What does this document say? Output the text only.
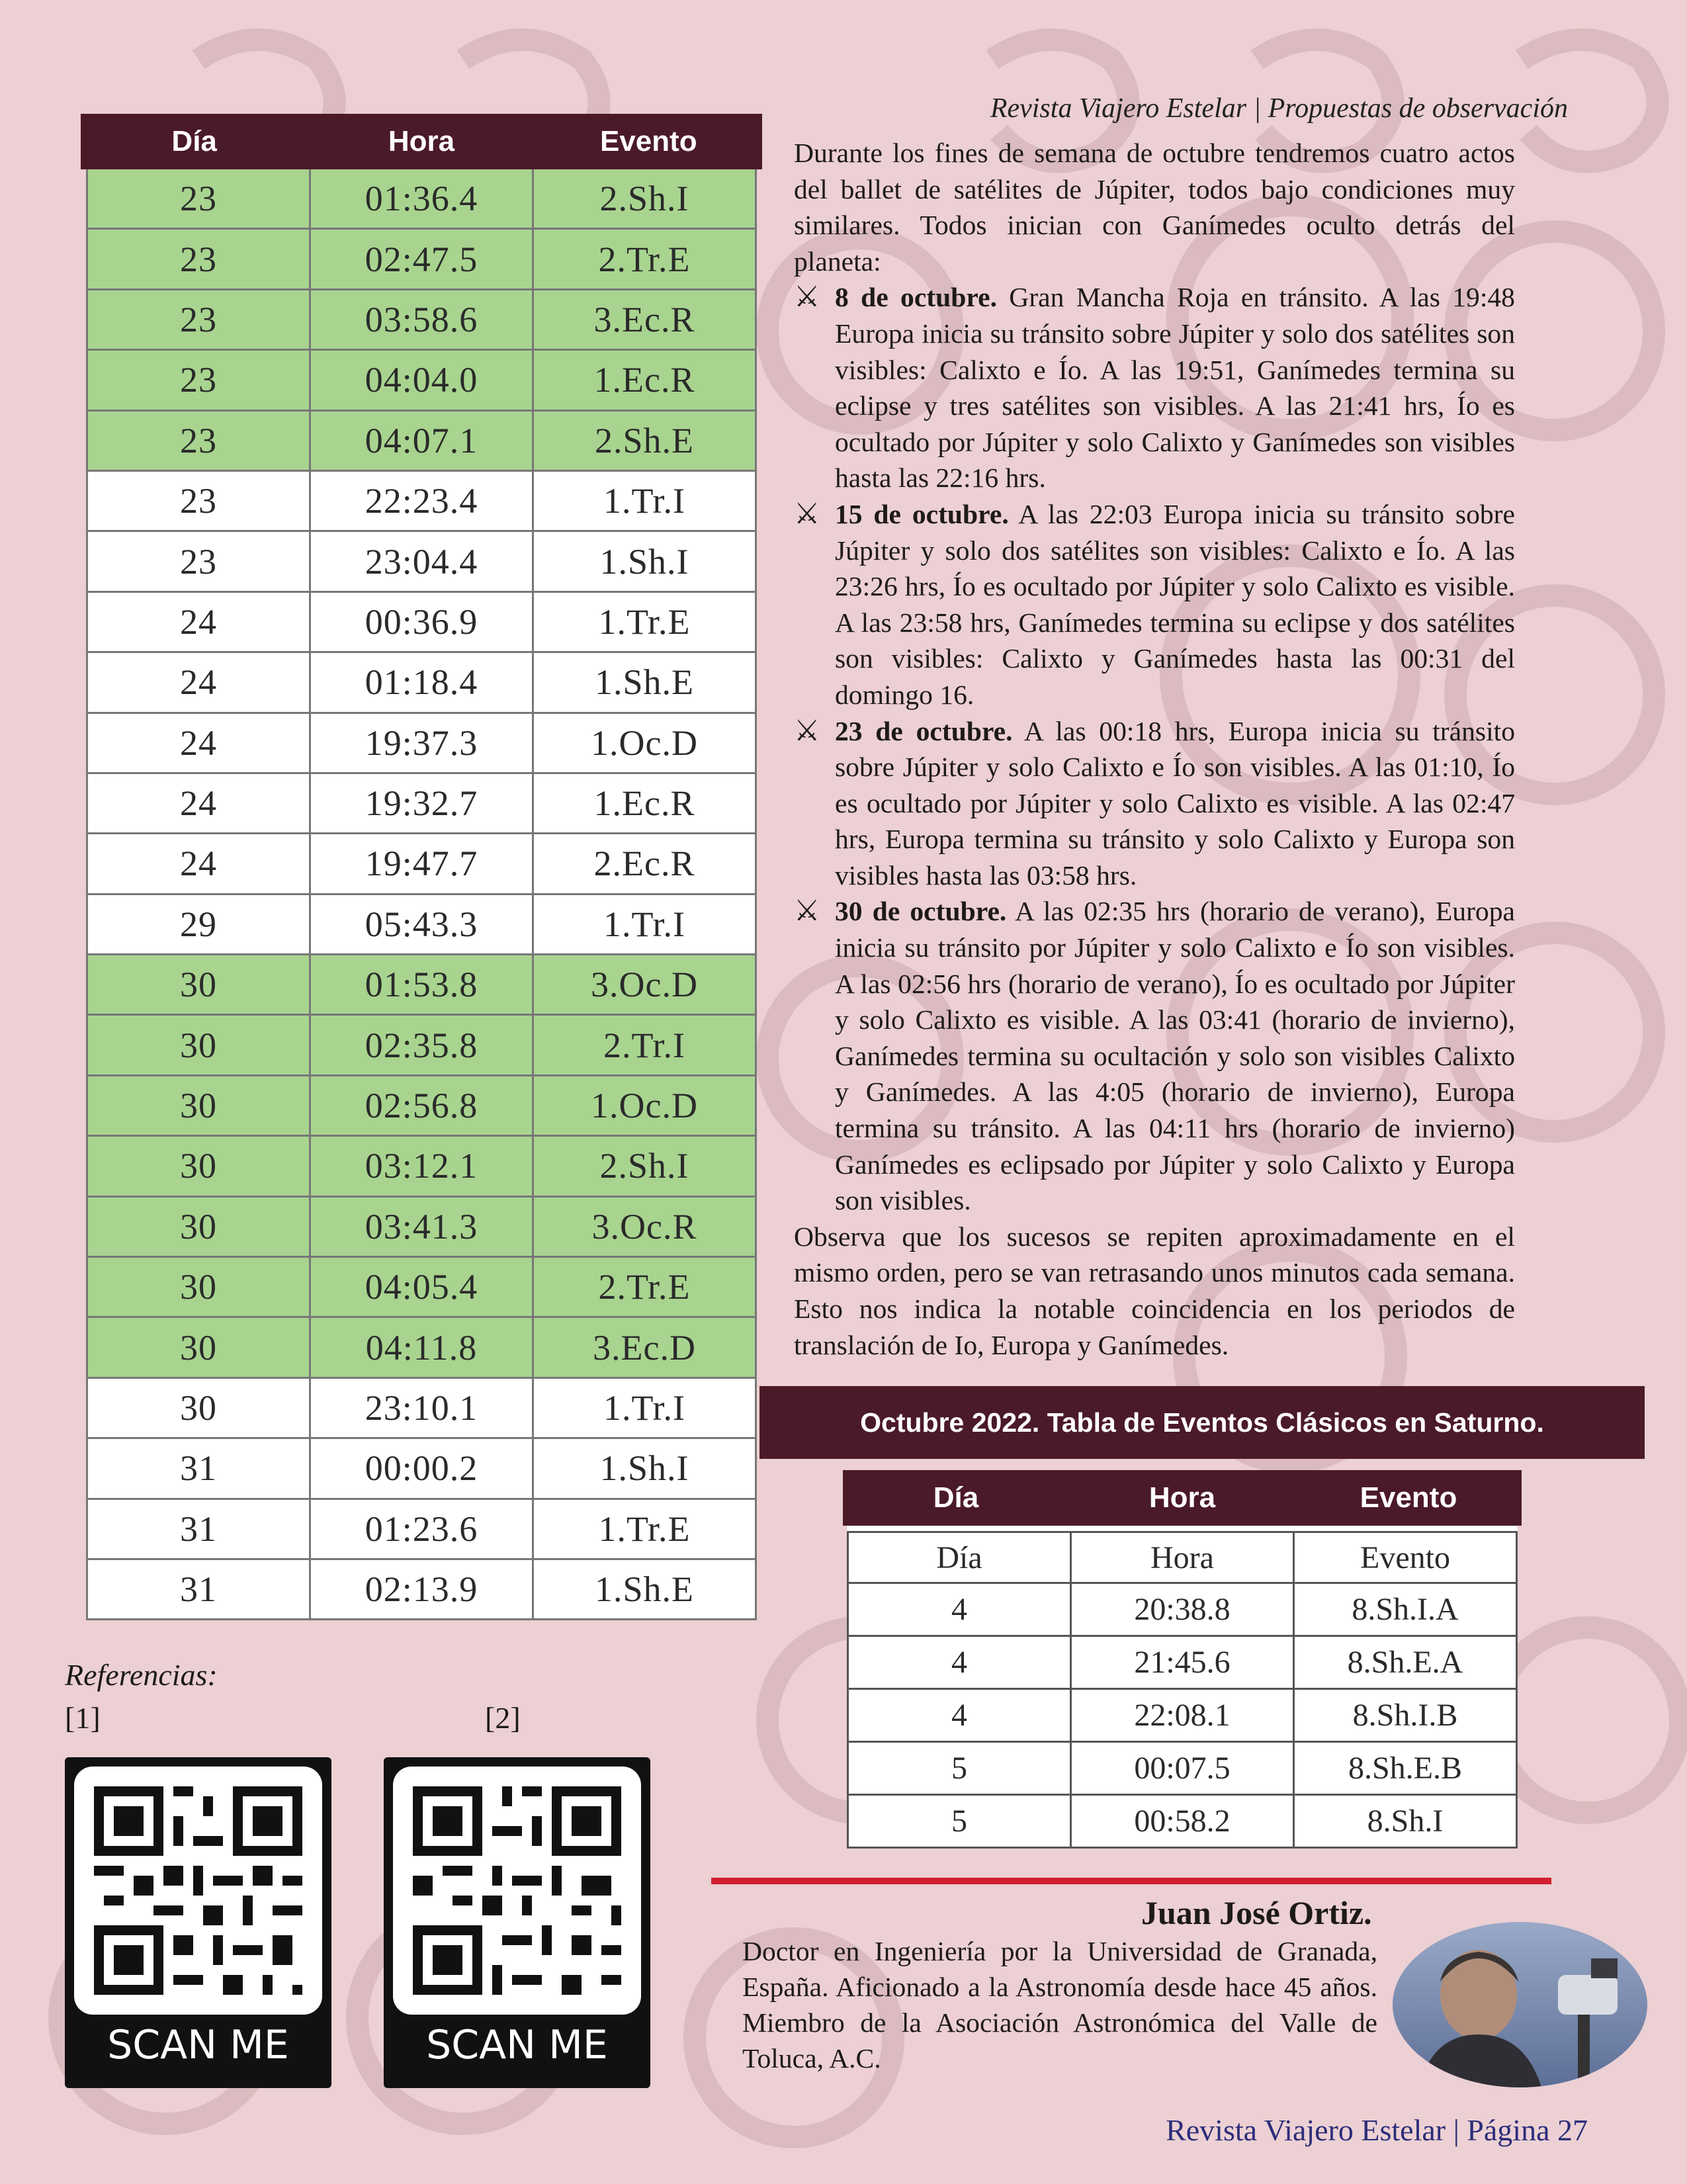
Revista Viajero Estelar | Propuestas de observación
Día	Hora	Evento
23	01:36.4	2.Sh.I
23	02:47.5	2.Tr.E
23	03:58.6	3.Ec.R
23	04:04.0	1.Ec.R
23	04:07.1	2.Sh.E
23	22:23.4	1.Tr.I
23	23:04.4	1.Sh.I
24	00:36.9	1.Tr.E
24	01:18.4	1.Sh.E
24	19:37.3	1.Oc.D
24	19:32.7	1.Ec.R
24	19:47.7	2.Ec.R
29	05:43.3	1.Tr.I
30	01:53.8	3.Oc.D
30	02:35.8	2.Tr.I
30	02:56.8	1.Oc.D
30	03:12.1	2.Sh.I
30	03:41.3	3.Oc.R
30	04:05.4	2.Tr.E
30	04:11.8	3.Ec.D
30	23:10.1	1.Tr.I
31	00:00.2	1.Sh.I
31	01:23.6	1.Tr.E
31	02:13.9	1.Sh.E

Durante los fines de semana de octubre tendremos cuatro actos del ballet de satélites de Júpiter, todos bajo condiciones muy similares. Todos inician con Ganímedes oculto detrás del planeta:

⚔ 8 de octubre. Gran Mancha Roja en tránsito. A las 19:48 Europa inicia su tránsito sobre Júpiter y solo dos satélites son visibles: Calixto e Ío. A las 19:51, Ganímedes termina su eclipse y tres satélites son visibles. A las 21:41 hrs, Ío es ocultado por Júpiter y solo Calixto y Ganímedes son visibles hasta las 22:16 hrs.
⚔ 15 de octubre. A las 22:03 Europa inicia su tránsito sobre Júpiter y solo dos satélites son visibles: Calixto e Ío. A las 23:26 hrs, Ío es ocultado por Júpiter y solo Calixto es visible. A las 23:58 hrs, Ganímedes termina su eclipse y dos satélites son visibles: Calixto y Ganímedes hasta las 00:31 del domingo 16.
⚔ 23 de octubre. A las 00:18 hrs, Europa inicia su tránsito sobre Júpiter y solo Calixto e Ío son visibles. A las 01:10, Ío es ocultado por Júpiter y solo Calixto es visible. A las 02:47 hrs, Europa termina su tránsito y solo Calixto y Europa son visibles hasta las 03:58 hrs.
⚔ 30 de octubre. A las 02:35 hrs (horario de verano), Europa inicia su tránsito por Júpiter y solo Calixto e Ío son visibles. A las 02:56 hrs (horario de verano), Ío es ocultado por Júpiter y solo Calixto es visible. A las 03:41 (horario de invierno), Ganímedes termina su ocultación y solo son visibles Calixto y Ganímedes. A las 4:05 (horario de invierno), Europa termina su tránsito. A las 04:11 hrs (horario de invierno) Ganímedes es eclipsado por Júpiter y solo Calixto y Europa son visibles.

Observa que los sucesos se repiten aproximadamente en el mismo orden, pero se van retrasando unos minutos cada semana. Esto nos indica la notable coincidencia en los periodos de translación de Io, Europa y Ganímedes.

Octubre 2022. Tabla de Eventos Clásicos en Saturno.
Día	Hora	Evento
Día	Hora	Evento
4	20:38.8	8.Sh.I.A
4	21:45.6	8.Sh.E.A
4	22:08.1	8.Sh.I.B
5	00:07.5	8.Sh.E.B
5	00:58.2	8.Sh.I
Referencias:
[1]	[2]
SCAN ME	SCAN ME
Juan José Ortiz.
Doctor en Ingeniería por la Universidad de Granada, España. Aficionado a la Astronomía desde hace 45 años. Miembro de la Asociación Astronómica del Valle de Toluca, A.C.
Revista Viajero Estelar | Página 27
